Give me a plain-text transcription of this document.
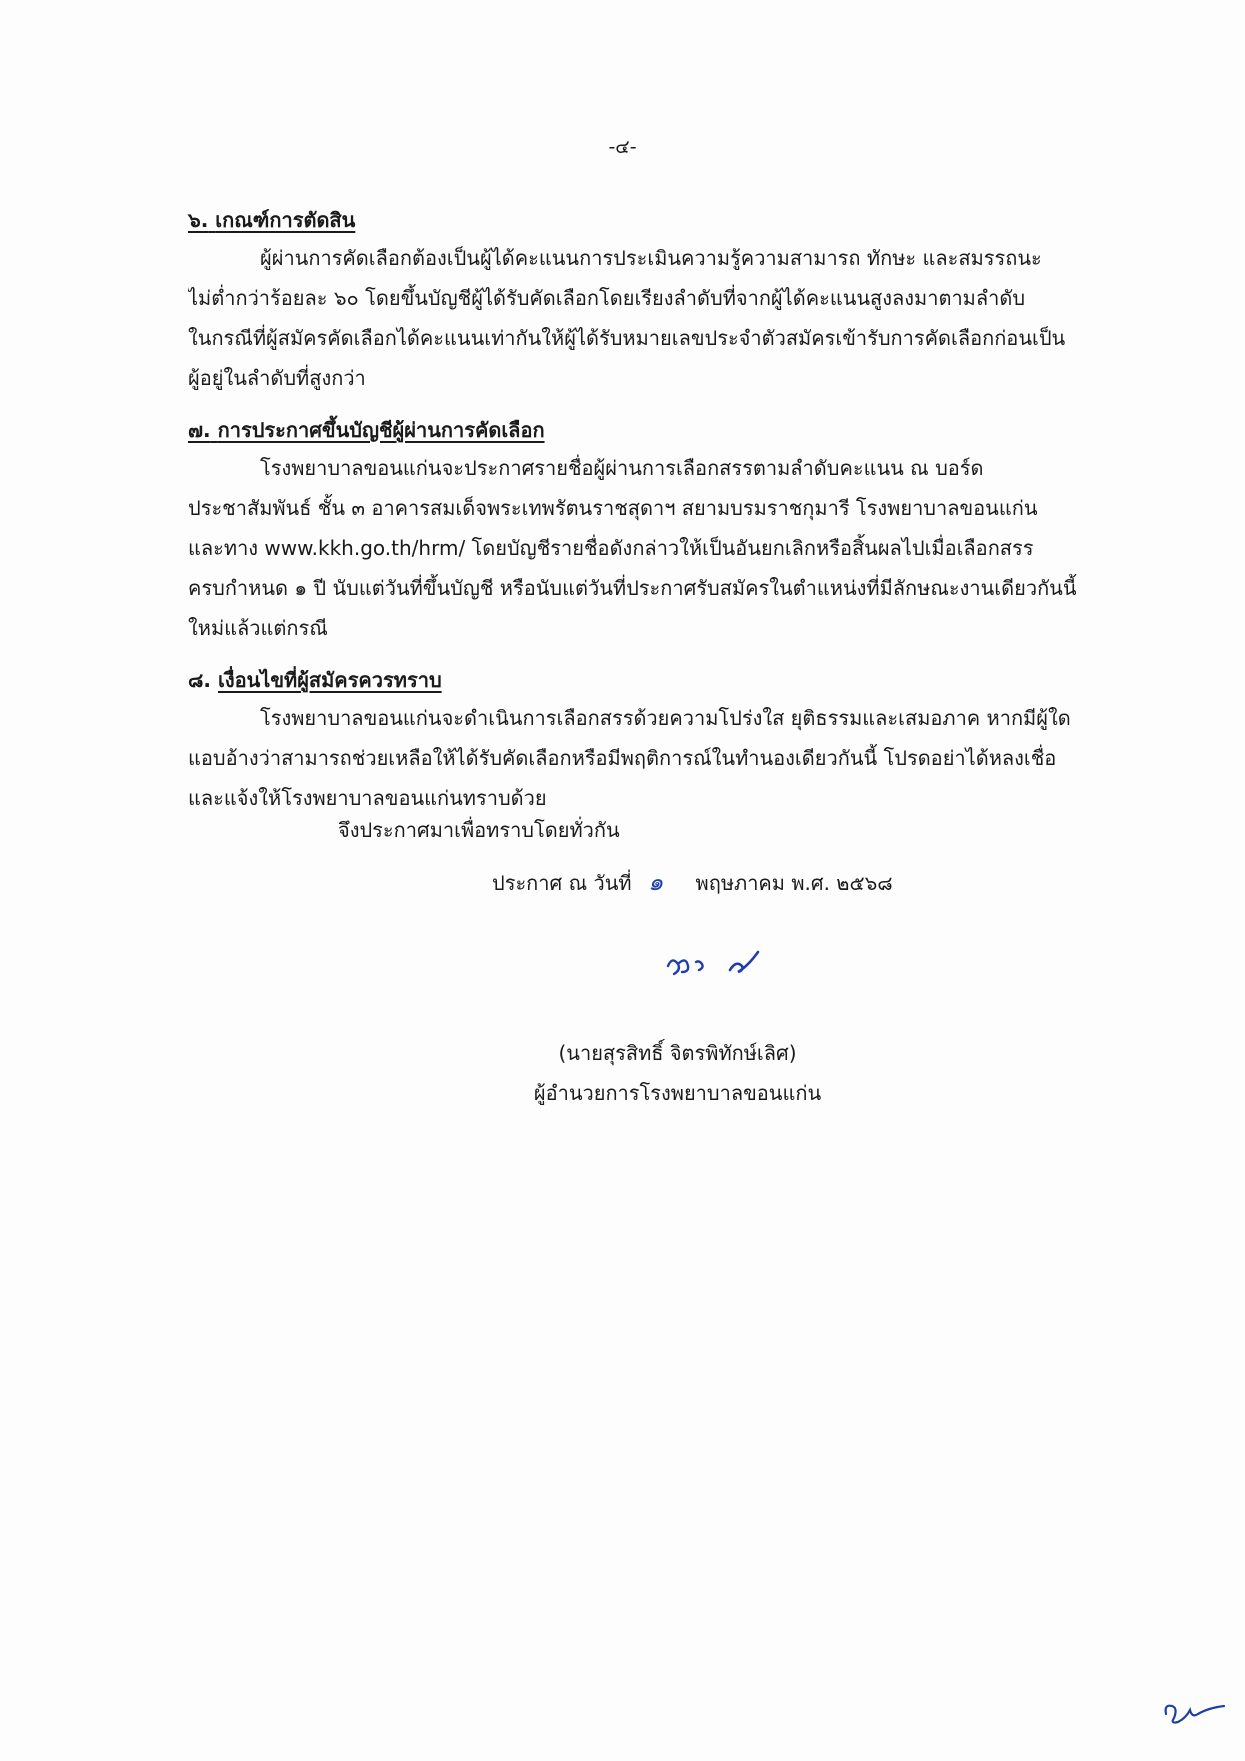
-๔-
๖. เกณฑ์การตัดสิน
ผู้ผ่านการคัดเลือกต้องเป็นผู้ได้คะแนนการประเมินความรู้ความสามารถ ทักษะ และสมรรถนะ
ไม่ต่ำกว่าร้อยละ ๖๐ โดยขึ้นบัญชีผู้ได้รับคัดเลือกโดยเรียงลำดับที่จากผู้ได้คะแนนสูงลงมาตามลำดับ
ในกรณีที่ผู้สมัครคัดเลือกได้คะแนนเท่ากันให้ผู้ได้รับหมายเลขประจำตัวสมัครเข้ารับการคัดเลือกก่อนเป็น
ผู้อยู่ในลำดับที่สูงกว่า
๗. การประกาศขึ้นบัญชีผู้ผ่านการคัดเลือก
โรงพยาบาลขอนแก่นจะประกาศรายชื่อผู้ผ่านการเลือกสรรตามลำดับคะแนน ณ บอร์ด
ประชาสัมพันธ์ ชั้น ๓ อาคารสมเด็จพระเทพรัตนราชสุดาฯ สยามบรมราชกุมารี โรงพยาบาลขอนแก่น
และทาง www.kkh.go.th/hrm/ โดยบัญชีรายชื่อดังกล่าวให้เป็นอันยกเลิกหรือสิ้นผลไปเมื่อเลือกสรร
ครบกำหนด ๑ ปี นับแต่วันที่ขึ้นบัญชี หรือนับแต่วันที่ประกาศรับสมัครในตำแหน่งที่มีลักษณะงานเดียวกันนี้
ใหม่แล้วแต่กรณี
๘. เงื่อนไขที่ผู้สมัครควรทราบ
โรงพยาบาลขอนแก่นจะดำเนินการเลือกสรรด้วยความโปร่งใส ยุติธรรมและเสมอภาค หากมีผู้ใด
แอบอ้างว่าสามารถช่วยเหลือให้ได้รับคัดเลือกหรือมีพฤติการณ์ในทำนองเดียวกันนี้ โปรดอย่าได้หลงเชื่อ
และแจ้งให้โรงพยาบาลขอนแก่นทราบด้วย
จึงประกาศมาเพื่อทราบโดยทั่วกัน
ประกาศ ณ วันที่ ๑ พฤษภาคม พ.ศ. ๒๕๖๘
(นายสุรสิทธิ์ จิตรพิทักษ์เลิศ)
ผู้อำนวยการโรงพยาบาลขอนแก่น
